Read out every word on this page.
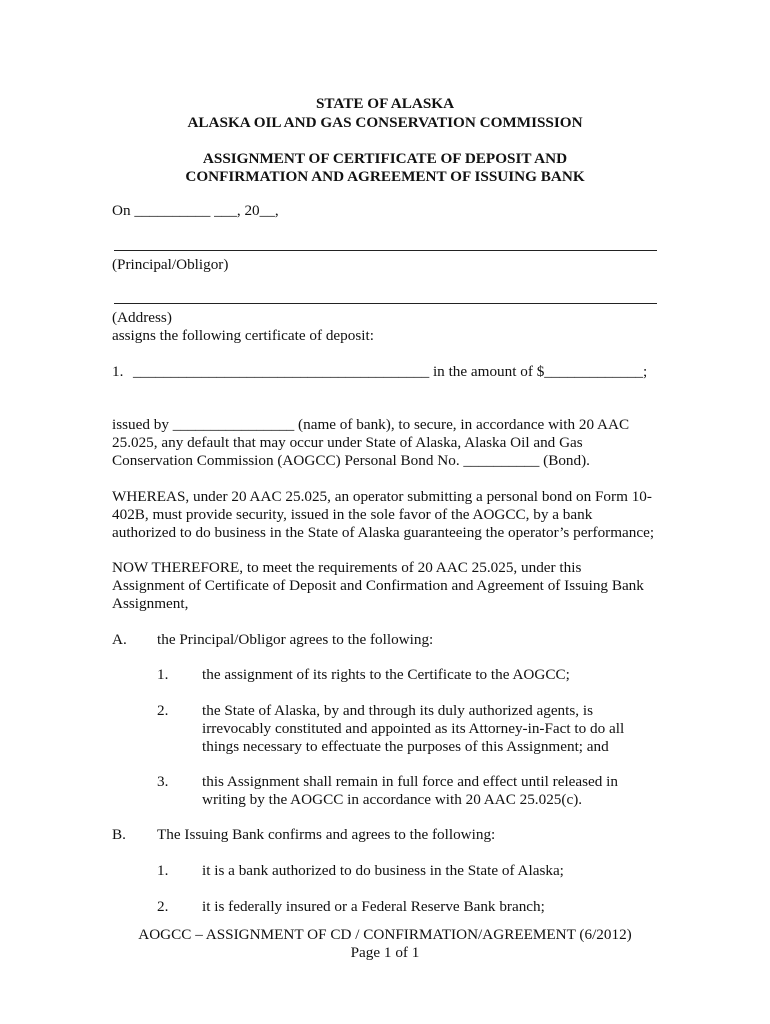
STATE OF ALASKA
ALASKA OIL AND GAS CONSERVATION COMMISSION
ASSIGNMENT OF CERTIFICATE OF DEPOSIT AND
CONFIRMATION AND AGREEMENT OF ISSUING BANK
On __________ ___, 20__,
(Principal/Obligor)
(Address)
assigns the following certificate of deposit:
1. _______________________________________ in the amount of $_____________;
issued by ________________ (name of bank), to secure, in accordance with 20 AAC
25.025, any default that may occur under State of Alaska, Alaska Oil and Gas
Conservation Commission (AOGCC) Personal Bond No. __________ (Bond).
WHEREAS, under 20 AAC 25.025, an operator submitting a personal bond on Form 10-
402B, must provide security, issued in the sole favor of the AOGCC, by a bank
authorized to do business in the State of Alaska guaranteeing the operator’s performance;
NOW THEREFORE, to meet the requirements of 20 AAC 25.025, under this
Assignment of Certificate of Deposit and Confirmation and Agreement of Issuing Bank
Assignment,
A. the Principal/Obligor agrees to the following:
1. the assignment of its rights to the Certificate to the AOGCC;
2. the State of Alaska, by and through its duly authorized agents, is
irrevocably constituted and appointed as its Attorney-in-Fact to do all
things necessary to effectuate the purposes of this Assignment; and
3. this Assignment shall remain in full force and effect until released in
writing by the AOGCC in accordance with 20 AAC 25.025(c).
B. The Issuing Bank confirms and agrees to the following:
1. it is a bank authorized to do business in the State of Alaska;
2. it is federally insured or a Federal Reserve Bank branch;
AOGCC – ASSIGNMENT OF CD / CONFIRMATION/AGREEMENT (6/2012)
Page 1 of 1
